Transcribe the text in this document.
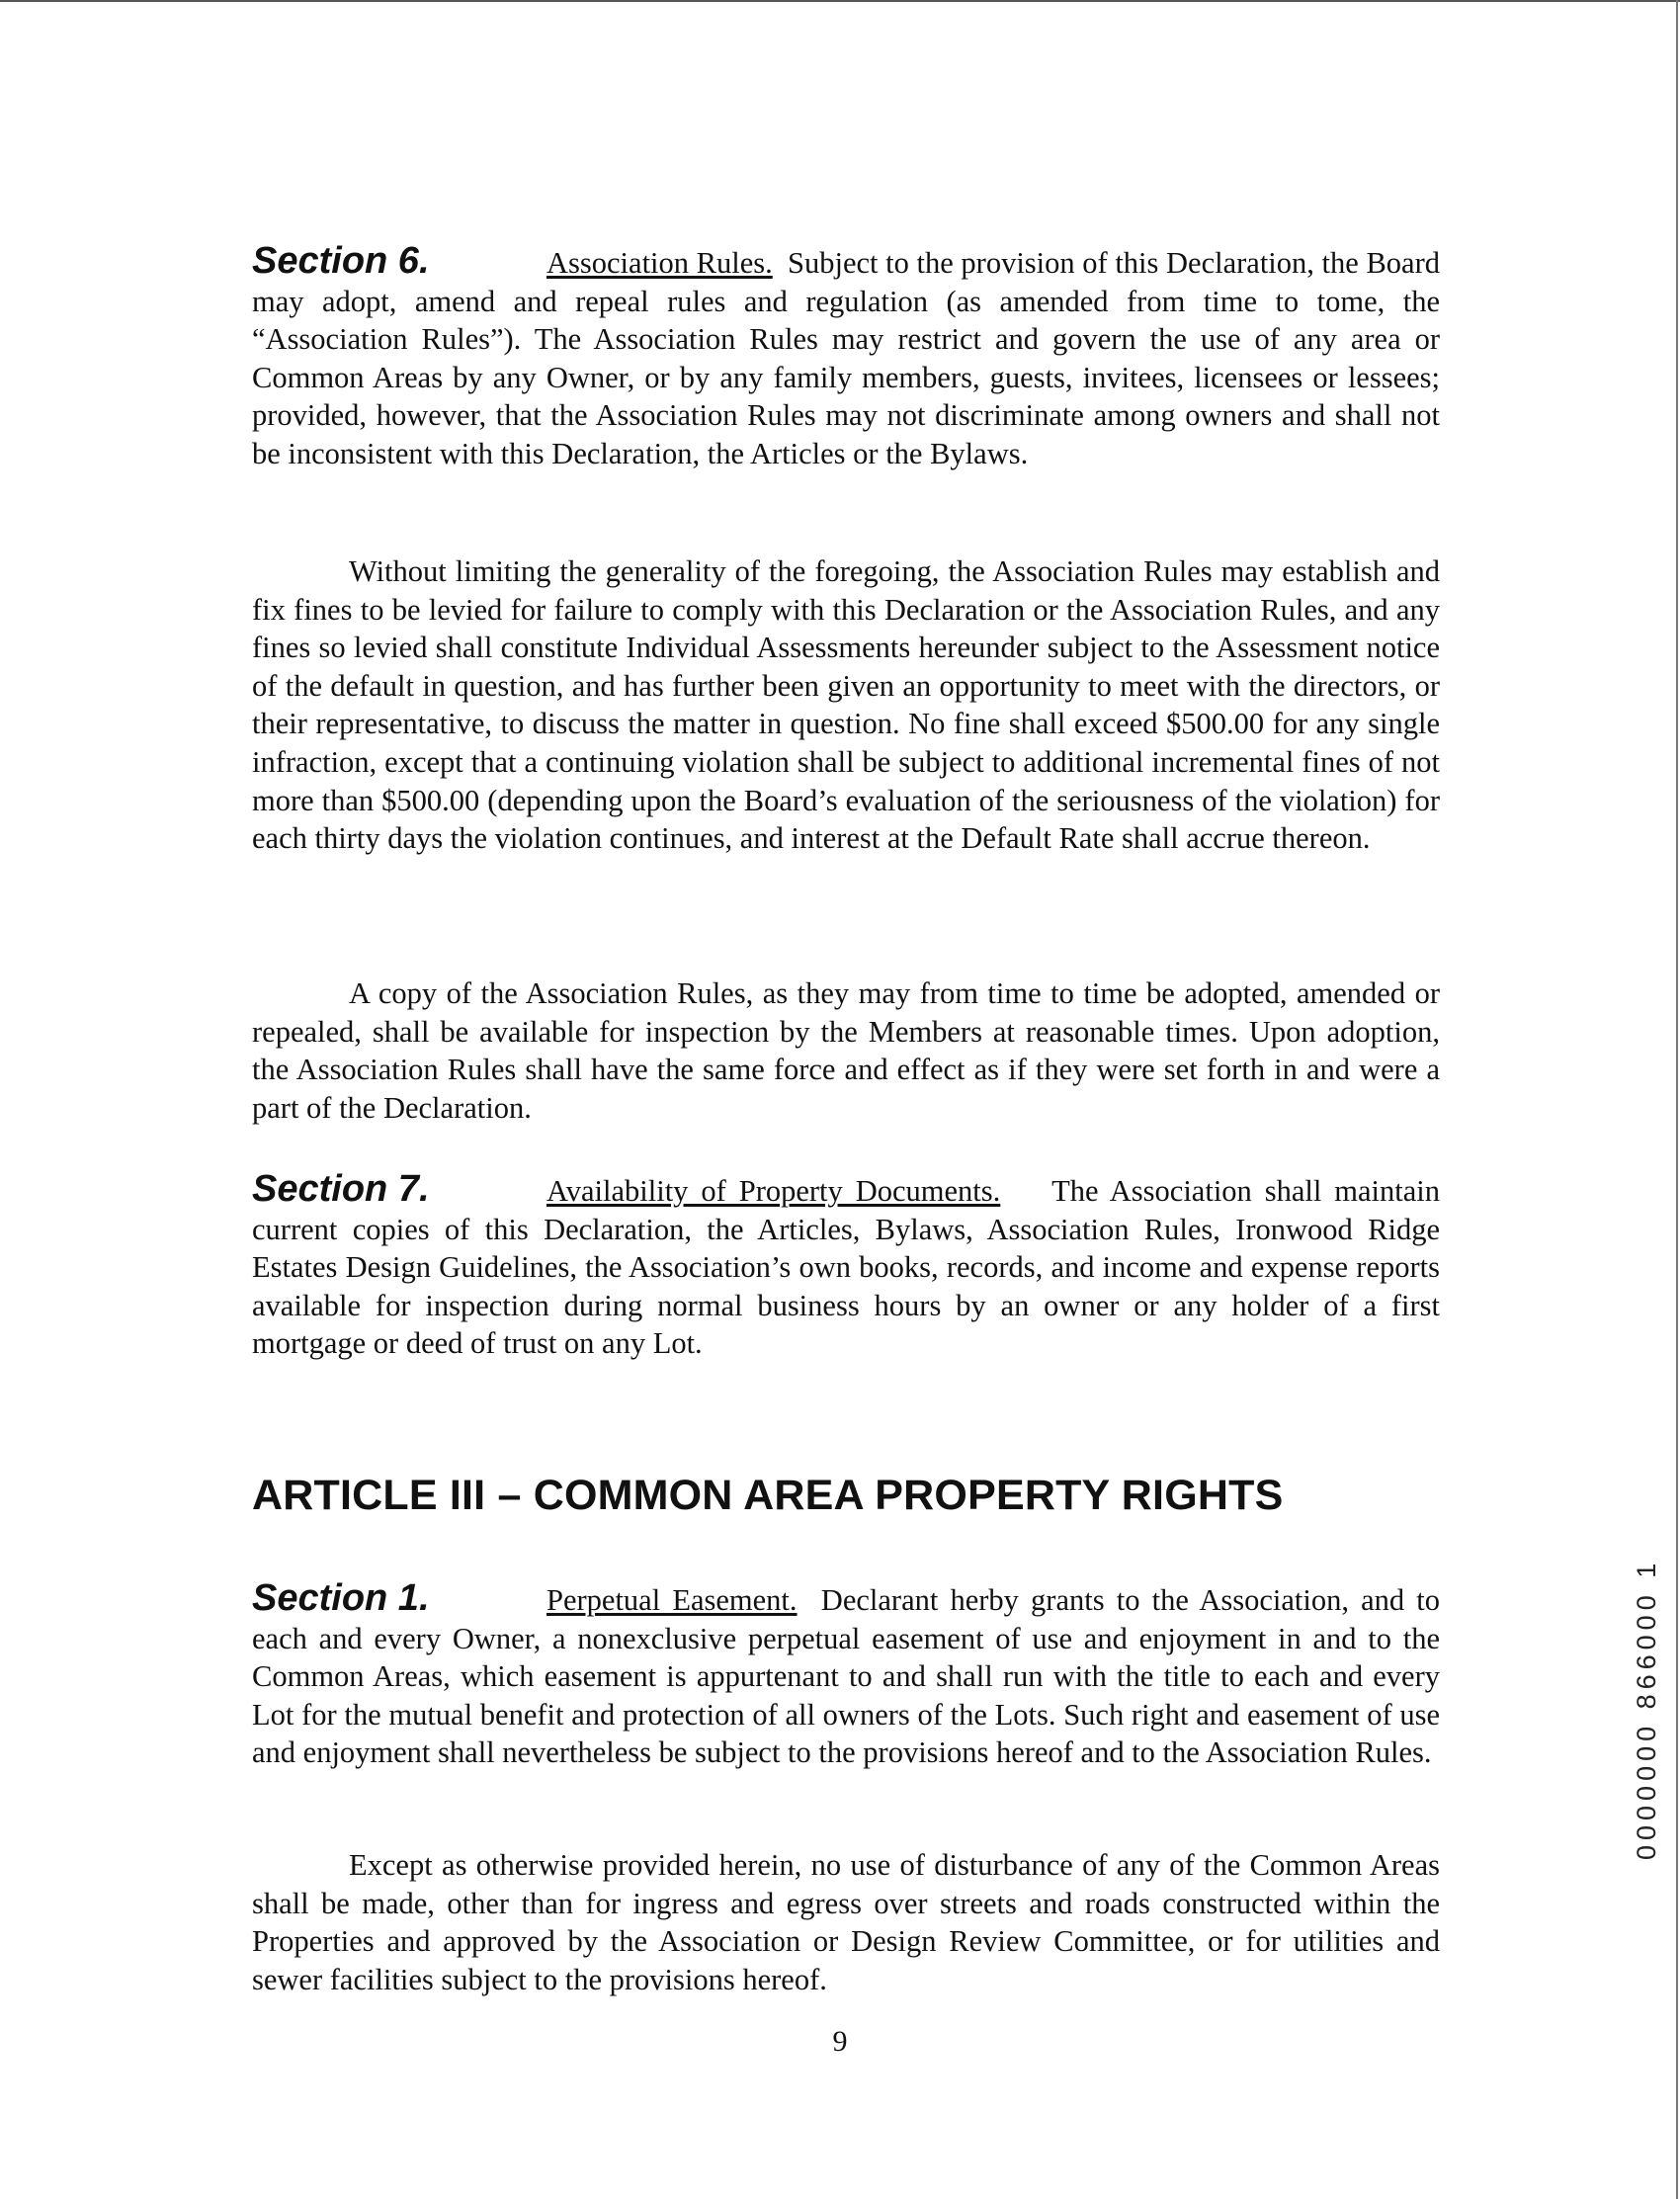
Section 6.	Association Rules. Subject to the provision of this Declaration, the Board may adopt, amend and repeal rules and regulation (as amended from time to tome, the “Association Rules”). The Association Rules may restrict and govern the use of any area or Common Areas by any Owner, or by any family members, guests, invitees, licensees or lessees; provided, however, that the Association Rules may not discriminate among owners and shall not be inconsistent with this Declaration, the Articles or the Bylaws.
Without limiting the generality of the foregoing, the Association Rules may establish and fix fines to be levied for failure to comply with this Declaration or the Association Rules, and any fines so levied shall constitute Individual Assessments hereunder subject to the Assessment notice of the default in question, and has further been given an opportunity to meet with the directors, or their representative, to discuss the matter in question. No fine shall exceed $500.00 for any single infraction, except that a continuing violation shall be subject to additional incremental fines of not more than $500.00 (depending upon the Board’s evaluation of the seriousness of the violation) for each thirty days the violation continues, and interest at the Default Rate shall accrue thereon.
A copy of the Association Rules, as they may from time to time be adopted, amended or repealed, shall be available for inspection by the Members at reasonable times. Upon adoption, the Association Rules shall have the same force and effect as if they were set forth in and were a part of the Declaration.
Section 7.	Availability of Property Documents. The Association shall maintain current copies of this Declaration, the Articles, Bylaws, Association Rules, Ironwood Ridge Estates Design Guidelines, the Association’s own books, records, and income and expense reports available for inspection during normal business hours by an owner or any holder of a first mortgage or deed of trust on any Lot.
ARTICLE III – COMMON AREA PROPERTY RIGHTS
Section 1.	Perpetual Easement. Declarant herby grants to the Association, and to each and every Owner, a nonexclusive perpetual easement of use and enjoyment in and to the Common Areas, which easement is appurtenant to and shall run with the title to each and every Lot for the mutual benefit and protection of all owners of the Lots. Such right and easement of use and enjoyment shall nevertheless be subject to the provisions hereof and to the Association Rules.
Except as otherwise provided herein, no use of disturbance of any of the Common Areas shall be made, other than for ingress and egress over streets and roads constructed within the Properties and approved by the Association or Design Review Committee, or for utilities and sewer facilities subject to the provisions hereof.
9
0000000 866000 1
